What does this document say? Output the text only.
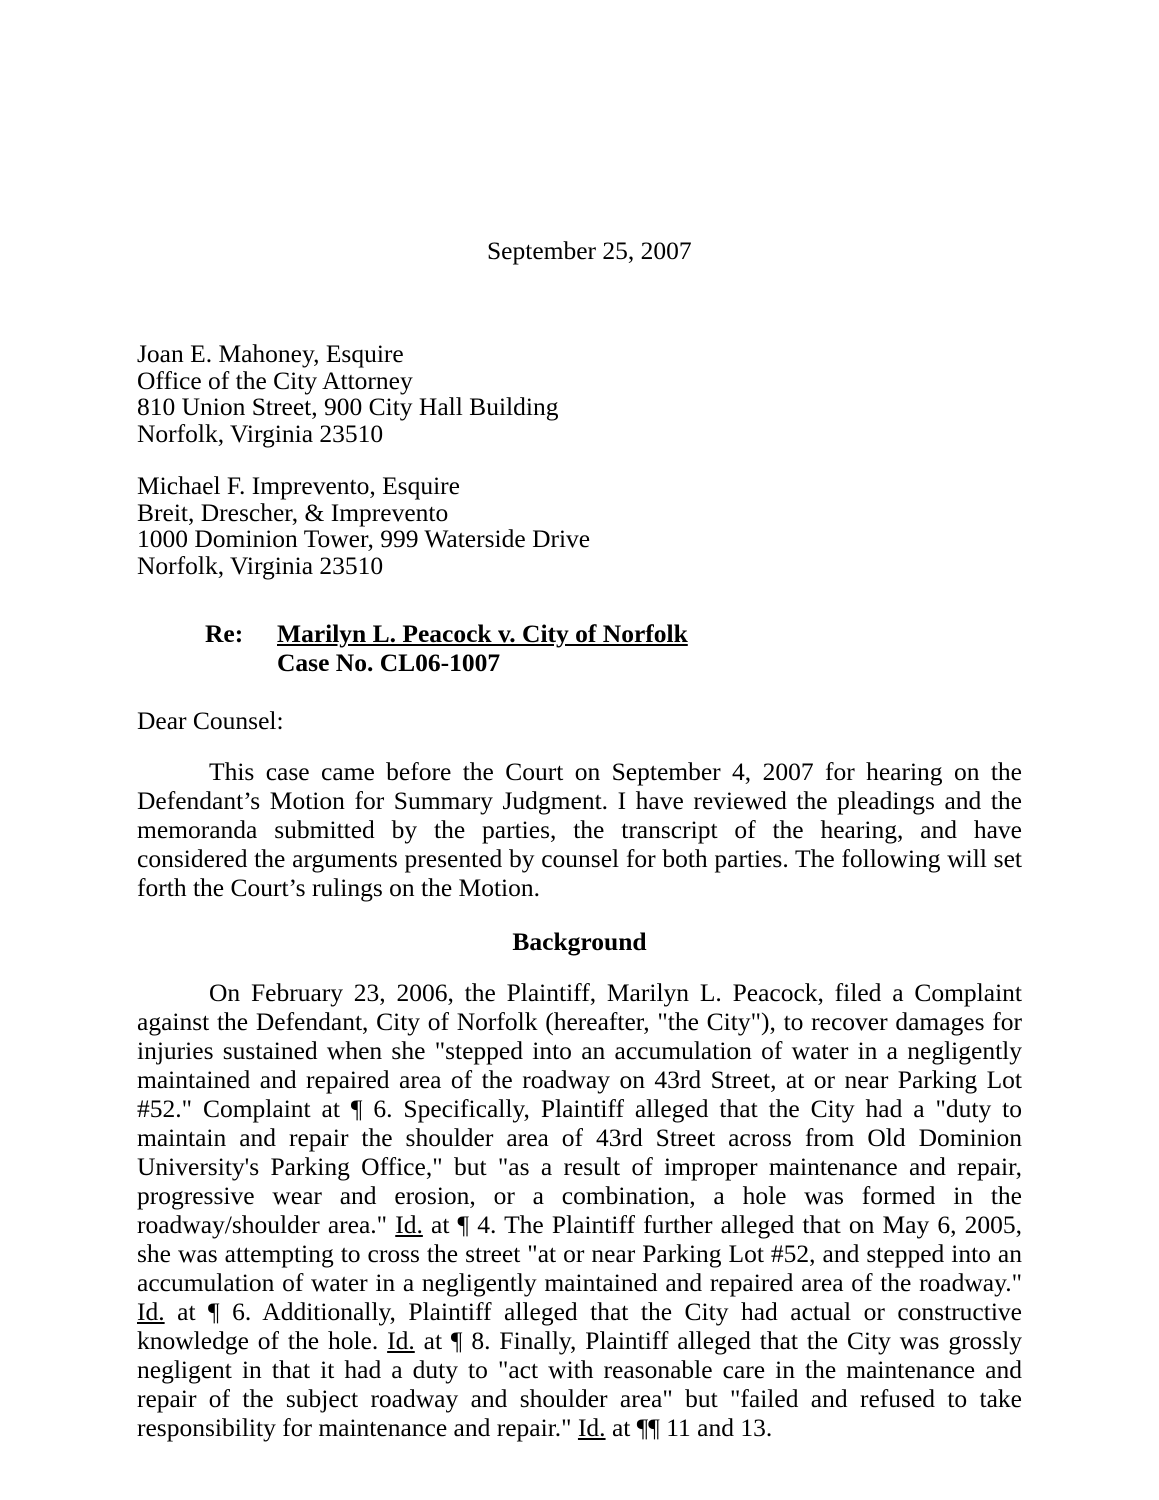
September 25, 2007
Joan E. Mahoney, Esquire
Office of the City Attorney
810 Union Street, 900 City Hall Building
Norfolk, Virginia 23510
Michael F. Imprevento, Esquire
Breit, Drescher, & Imprevento
1000 Dominion Tower, 999 Waterside Drive
Norfolk, Virginia 23510
Re:	Marilyn L. Peacock v. City of Norfolk
Case No. CL06-1007
Dear Counsel:

This case came before the Court on September 4, 2007 for hearing on the Defendant’s Motion for Summary Judgment. I have reviewed the pleadings and the memoranda submitted by the parties, the transcript of the hearing, and have considered the arguments presented by counsel for both parties. The following will set forth the Court’s rulings on the Motion.

Background

On February 23, 2006, the Plaintiff, Marilyn L. Peacock, filed a Complaint against the Defendant, City of Norfolk (hereafter, "the City"), to recover damages for injuries sustained when she "stepped into an accumulation of water in a negligently maintained and repaired area of the roadway on 43rd Street, at or near Parking Lot #52." Complaint at ¶ 6. Specifically, Plaintiff alleged that the City had a "duty to maintain and repair the shoulder area of 43rd Street across from Old Dominion University's Parking Office," but "as a result of improper maintenance and repair, progressive wear and erosion, or a combination, a hole was formed in the roadway/shoulder area." Id. at ¶ 4. The Plaintiff further alleged that on May 6, 2005, she was attempting to cross the street "at or near Parking Lot #52, and stepped into an accumulation of water in a negligently maintained and repaired area of the roadway." Id. at ¶ 6. Additionally, Plaintiff alleged that the City had actual or constructive knowledge of the hole. Id. at ¶ 8. Finally, Plaintiff alleged that the City was grossly negligent in that it had a duty to "act with reasonable care in the maintenance and repair of the subject roadway and shoulder area" but "failed and refused to take responsibility for maintenance and repair." Id. at ¶¶ 11 and 13.
